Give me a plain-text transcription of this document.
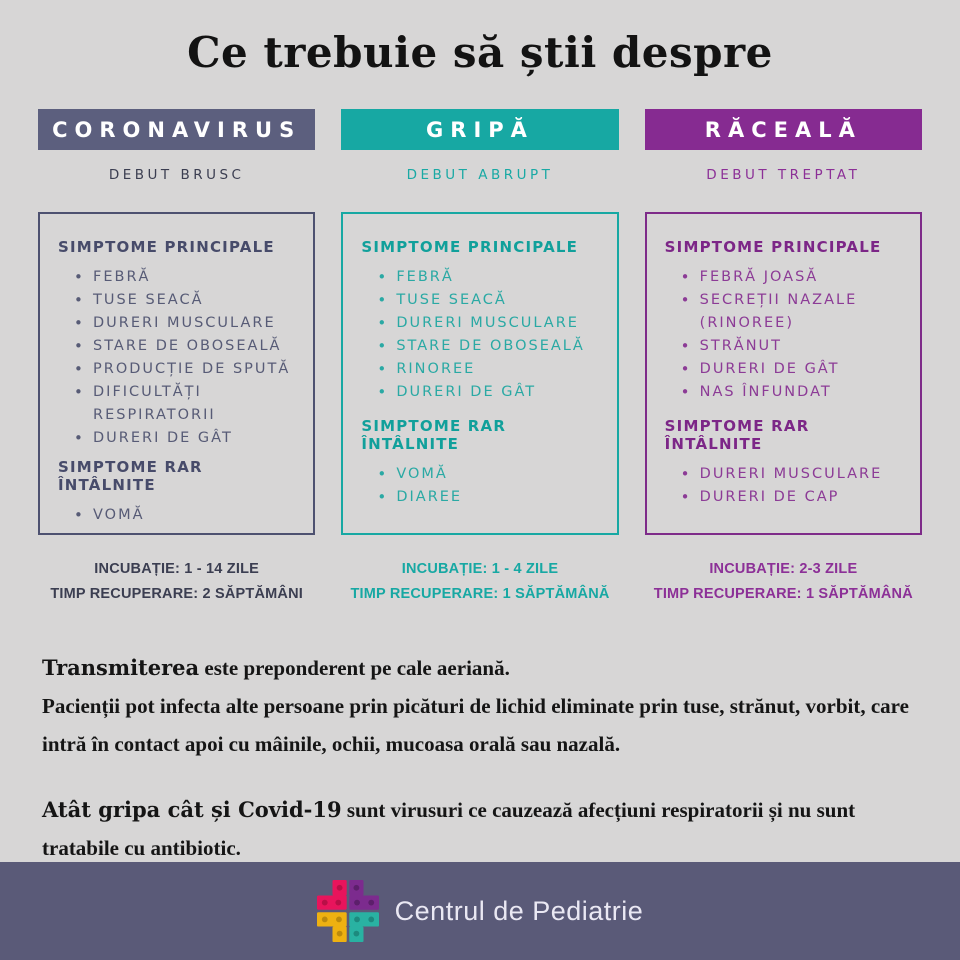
Ce trebuie să știi despre
CORONAVIRUS
DEBUT BRUSC
SIMPTOME PRINCIPALE
• FEBRĂ
• TUSE SEACĂ
• DURERI MUSCULARE
• STARE DE OBOSEALĂ
• PRODUCȚIE DE SPUTĂ
• DIFICULTĂȚI RESPIRATORII
• DURERI DE GÂT
SIMPTOME RAR ÎNTÂLNITE
• VOMĂ
INCUBAȚIE: 1 - 14 ZILE
TIMP RECUPERARE: 2 SĂPTĂMÂNI
GRIPĂ
DEBUT ABRUPT
SIMPTOME PRINCIPALE
• FEBRĂ
• TUSE SEACĂ
• DURERI MUSCULARE
• STARE DE OBOSEALĂ
• RINOREE
• DURERI DE GÂT
SIMPTOME RAR ÎNTÂLNITE
• VOMĂ
• DIAREE
INCUBAȚIE: 1 - 4 ZILE
TIMP RECUPERARE: 1 SĂPTĂMÂNĂ
RĂCEALĂ
DEBUT TREPTAT
SIMPTOME PRINCIPALE
• FEBRĂ JOASĂ
• SECREȚII NAZALE (RINOREE)
• STRĂNUT
• DURERI DE GÂT
• NAS ÎNFUNDAT
SIMPTOME RAR ÎNTÂLNITE
• DURERI MUSCULARE
• DURERI DE CAP
INCUBAȚIE: 2-3 ZILE
TIMP RECUPERARE: 1 SĂPTĂMÂNĂ
Transmiterea este preponderent pe cale aeriană.
Pacienții pot infecta alte persoane prin picături de lichid eliminate prin tuse, strănut, vorbit, care intră în contact apoi cu mâinile, ochii, mucoasa orală sau nazală.
Atât gripa cât și Covid-19 sunt virusuri ce cauzează afecțiuni respiratorii și nu sunt tratabile cu antibiotic.
Centrul de Pediatrie
